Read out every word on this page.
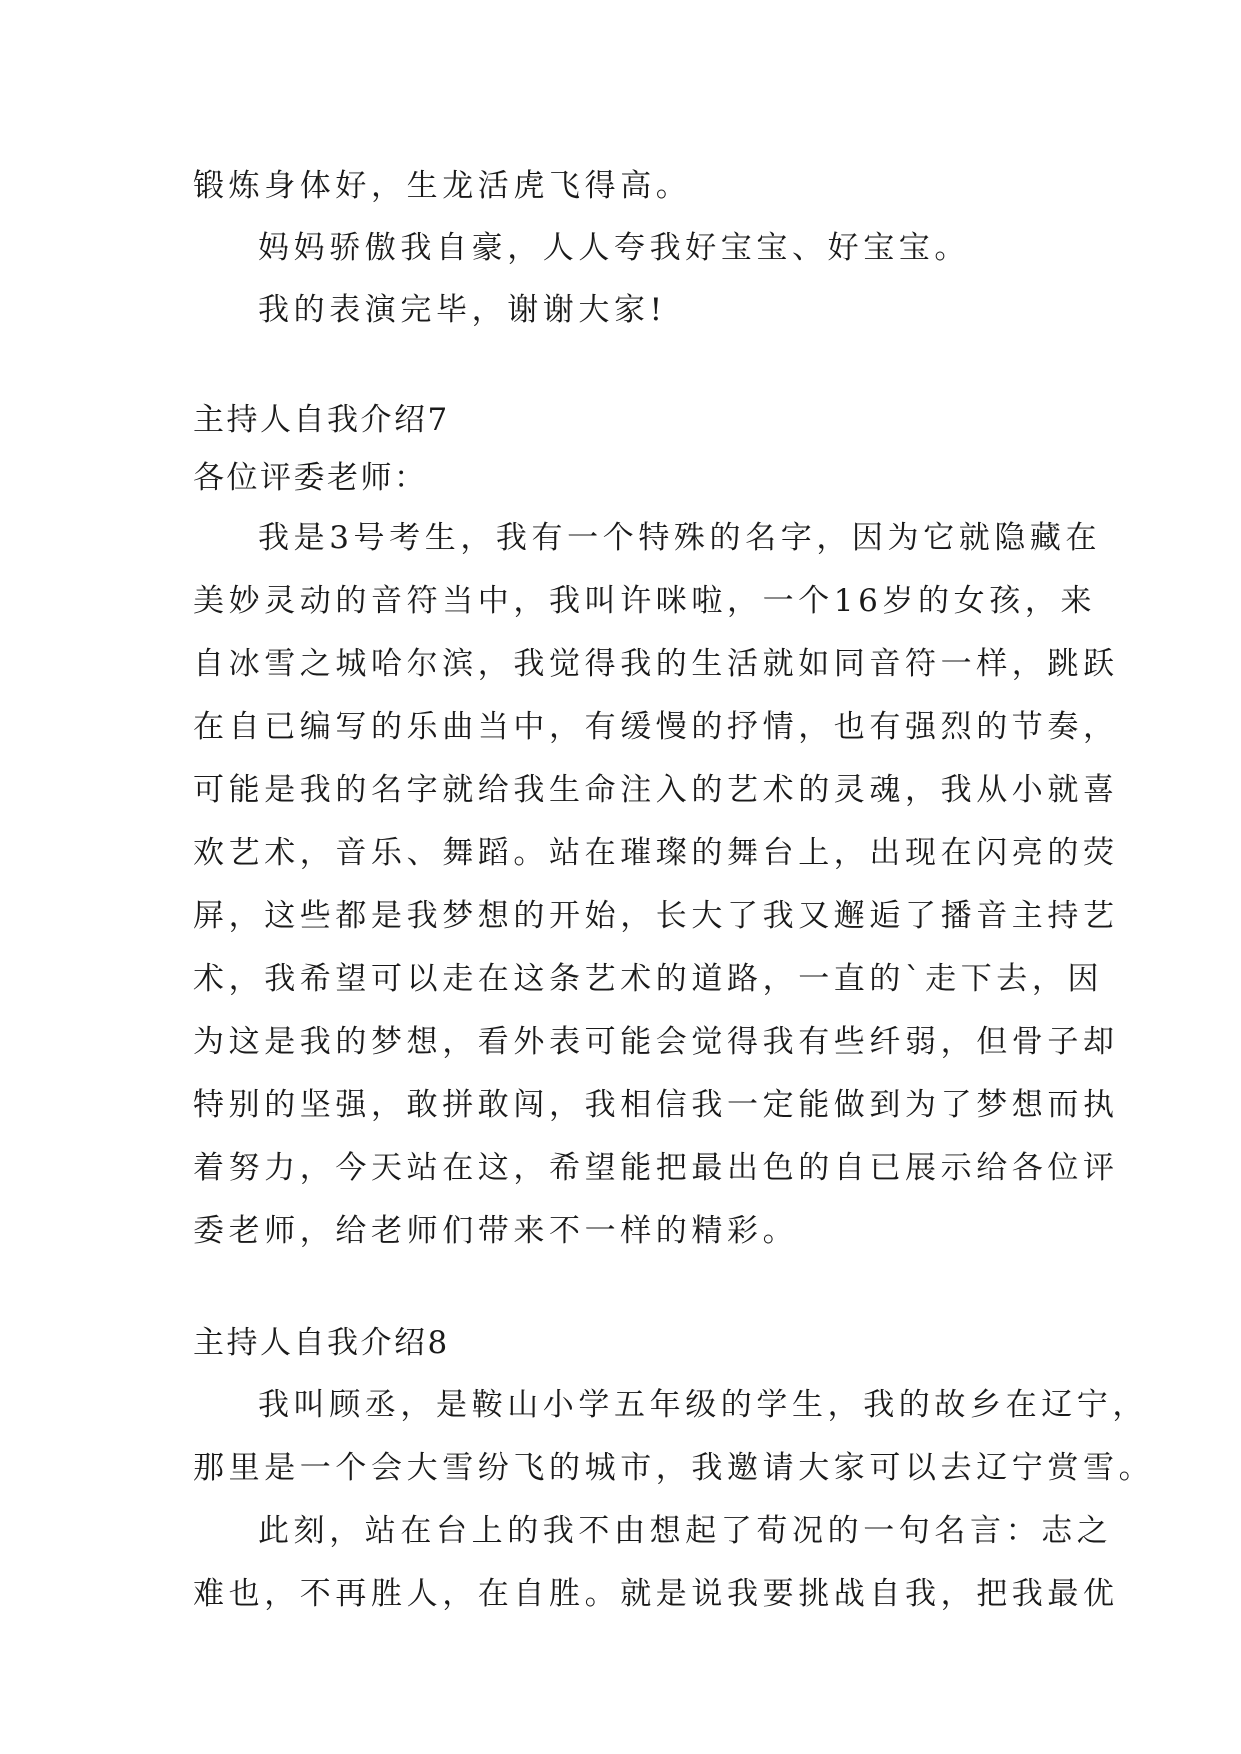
锻炼身体好，生龙活虎飞得高。
妈妈骄傲我自豪，人人夸我好宝宝、好宝宝。
我的表演完毕，谢谢大家!
主持人自我介绍7
各位评委老师：
我是3号考生，我有一个特殊的名字，因为它就隐藏在
美妙灵动的音符当中，我叫许咪啦，一个16岁的女孩，来
自冰雪之城哈尔滨，我觉得我的生活就如同音符一样，跳跃
在自已编写的乐曲当中，有缓慢的抒情，也有强烈的节奏，
可能是我的名字就给我生命注入的艺术的灵魂，我从小就喜
欢艺术，音乐、舞蹈。站在璀璨的舞台上，出现在闪亮的荧
屏，这些都是我梦想的开始，长大了我又邂逅了播音主持艺
术，我希望可以走在这条艺术的道路，一直的`走下去，因
为这是我的梦想，看外表可能会觉得我有些纤弱，但骨子却
特别的坚强，敢拼敢闯，我相信我一定能做到为了梦想而执
着努力，今天站在这，希望能把最出色的自已展示给各位评
委老师，给老师们带来不一样的精彩。
主持人自我介绍8
我叫顾丞，是鞍山小学五年级的学生，我的故乡在辽宁，
那里是一个会大雪纷飞的城市，我邀请大家可以去辽宁赏雪。
此刻，站在台上的我不由想起了荀况的一句名言：志之
难也，不再胜人，在自胜。就是说我要挑战自我，把我最优
